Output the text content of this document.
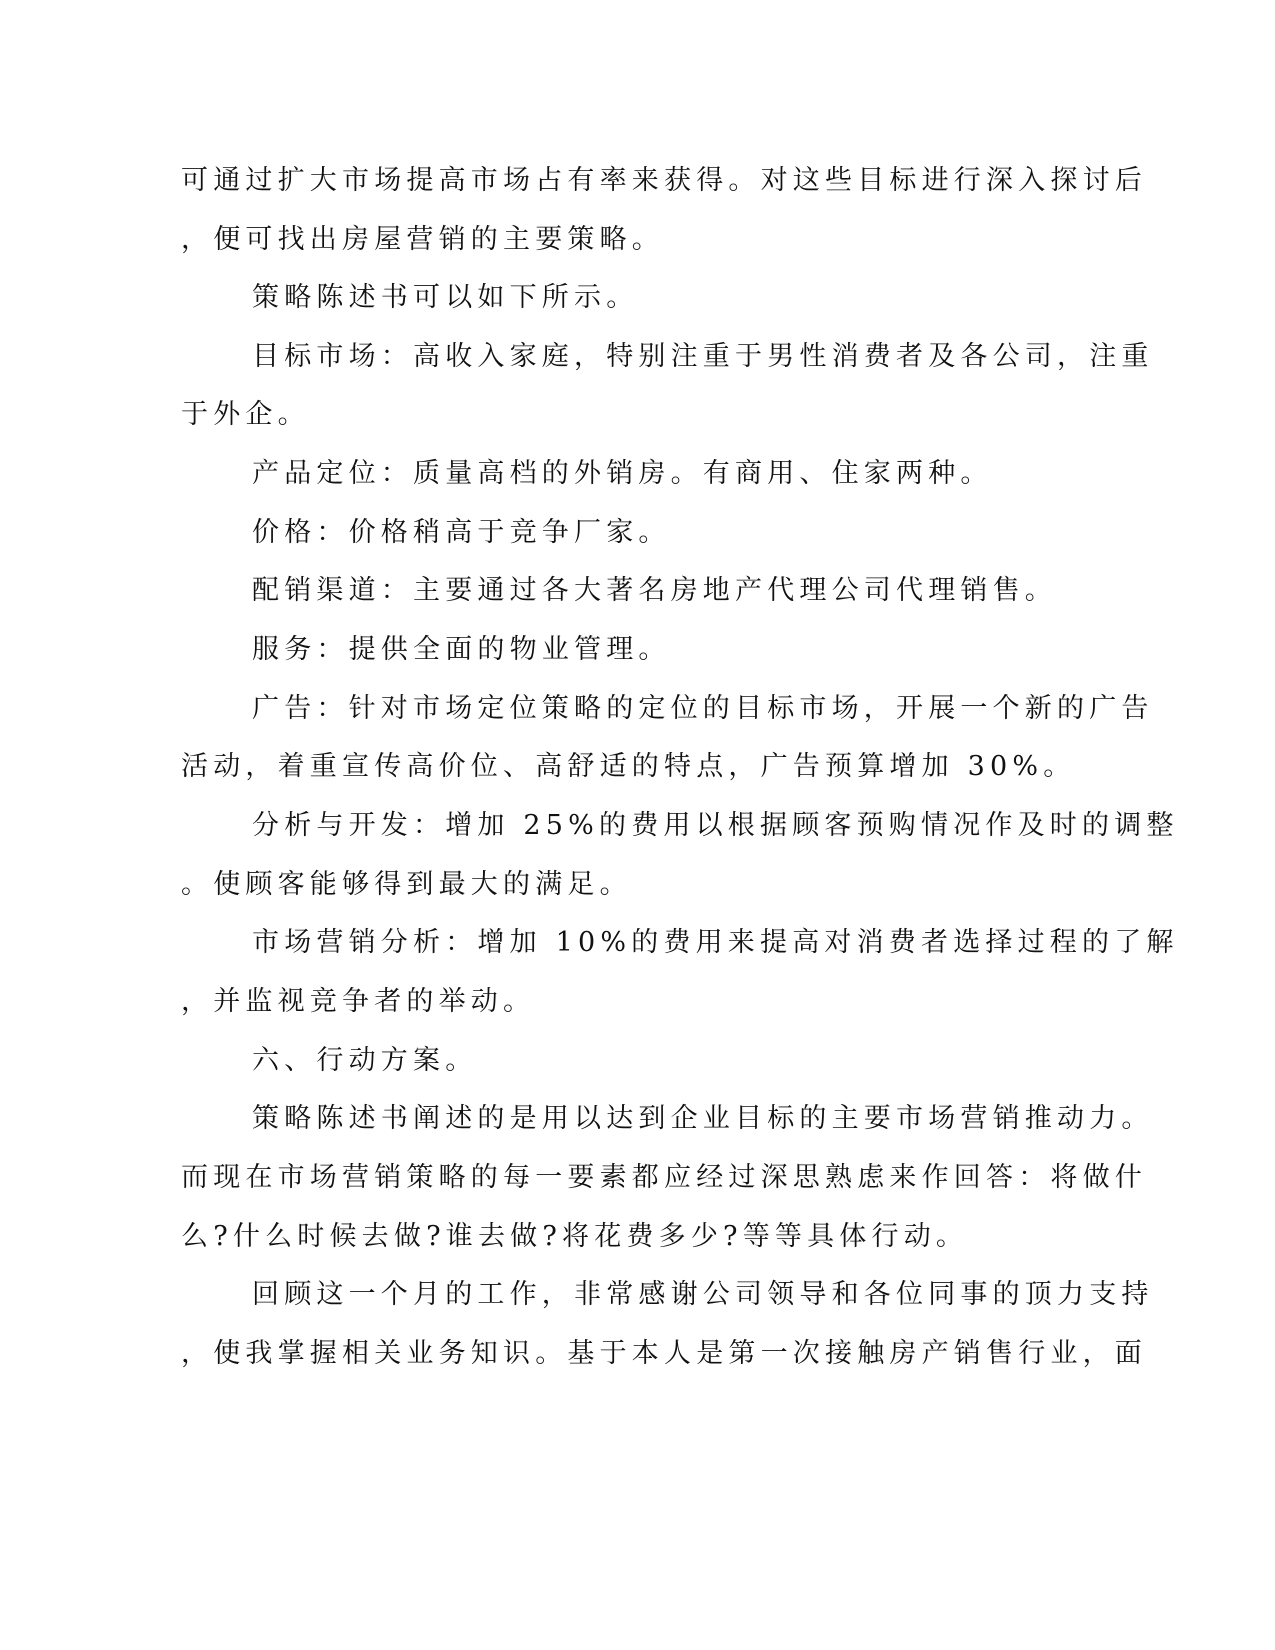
可通过扩大市场提高市场占有率来获得。对这些目标进行深入探讨后
，便可找出房屋营销的主要策略。
策略陈述书可以如下所示。
目标市场：高收入家庭，特别注重于男性消费者及各公司，注重
于外企。
产品定位：质量高档的外销房。有商用、住家两种。
价格：价格稍高于竞争厂家。
配销渠道：主要通过各大著名房地产代理公司代理销售。
服务：提供全面的物业管理。
广告：针对市场定位策略的定位的目标市场，开展一个新的广告
活动，着重宣传高价位、高舒适的特点，广告预算增加 30%。
分析与开发：增加 25%的费用以根据顾客预购情况作及时的调整
。使顾客能够得到最大的满足。
市场营销分析：增加 10%的费用来提高对消费者选择过程的了解
，并监视竞争者的举动。
六、行动方案。
策略陈述书阐述的是用以达到企业目标的主要市场营销推动力。
而现在市场营销策略的每一要素都应经过深思熟虑来作回答：将做什
么?什么时候去做?谁去做?将花费多少?等等具体行动。
回顾这一个月的工作，非常感谢公司领导和各位同事的顶力支持
，使我掌握相关业务知识。基于本人是第一次接触房产销售行业，面
